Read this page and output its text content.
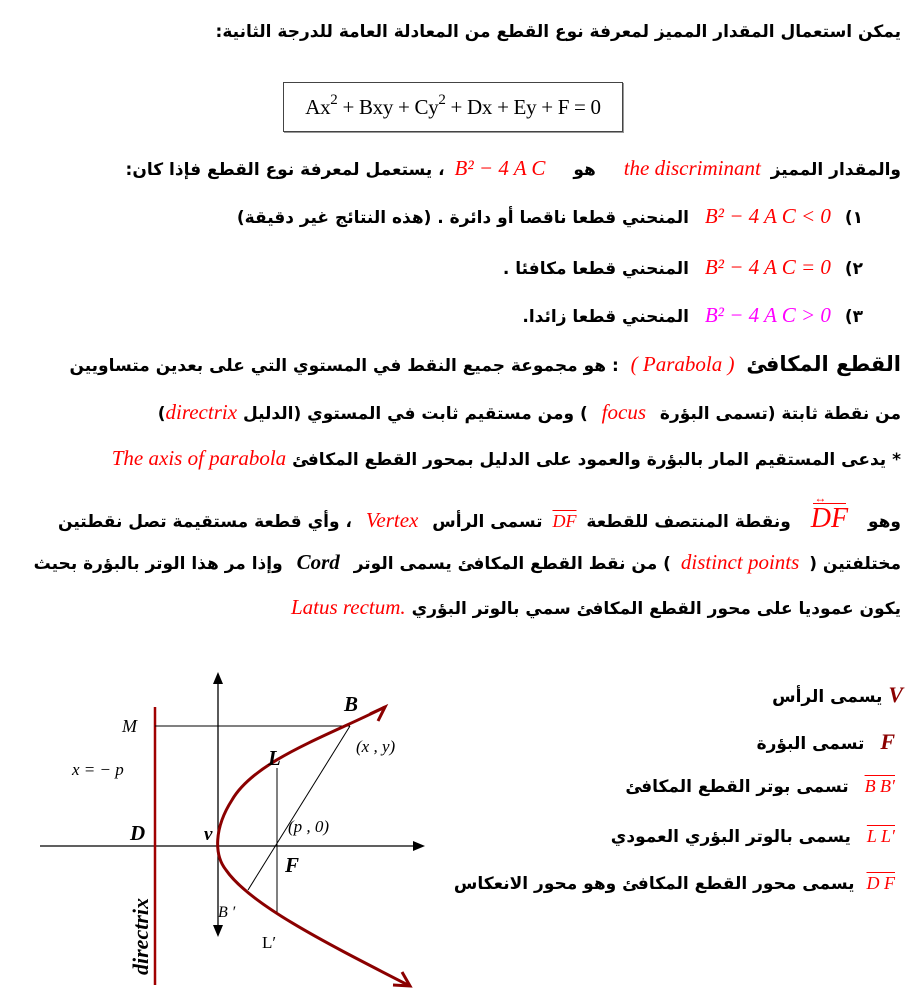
يمكن استعمال المقدار المميز لمعرفة نوع القطع من المعادلة العامة للدرجة الثانية:
$Ax^2$ + Bxy + $Cy^2 + Dx + Ey + F = 0$
والمقدار المميز the discriminant هو B² − 4 A C ، يستعمل لمعرفة نوع القطع فإذا كان:
١) B² − 4 A C < 0 المنحني قطعا ناقصا أو دائرة . (هذه النتائج غير دقيقة)
٢) B² − 4 A C = 0 المنحني قطعا مكافئا .
٣) B² − 4 A C > 0 المنحني قطعا زائدا.
القطع المكافئ ( Parabola ) : هو مجموعة جميع النقط في المستوي التي على بعدين متساويين
من نقطة ثابتة (تسمى البؤرة focus ) ومن مستقيم ثابت في المستوي (الدليل directrix)
* يدعى المستقيم المار بالبؤرة والعمود على الدليل بمحور القطع المكافئ The axis of parabola
وهو DF ↔ ونقطة المنتصف للقطعة $\overline{DF}$ تسمى الرأس Vertex ، وأي قطعة مستقيمة تصل نقطتين
مختلفتين ( distinct points ) من نقط القطع المكافئ يسمى الوتر Cord وإذا مر هذا الوتر بالبؤرة بحيث
يكون عموديا على محور القطع المكافئ سمي بالوتر البؤري Latus rectum.
M
x = − p
D	v
B
(x , y)
L
(p , 0)
F
B ′
L′
directrix
V يسمى الرأس
F تسمى البؤرة
B B′ تسمى بوتر القطع المكافئ
L L′ يسمى بالوتر البؤري العمودي
D F يسمى محور القطع المكافئ وهو محور الانعكاس
